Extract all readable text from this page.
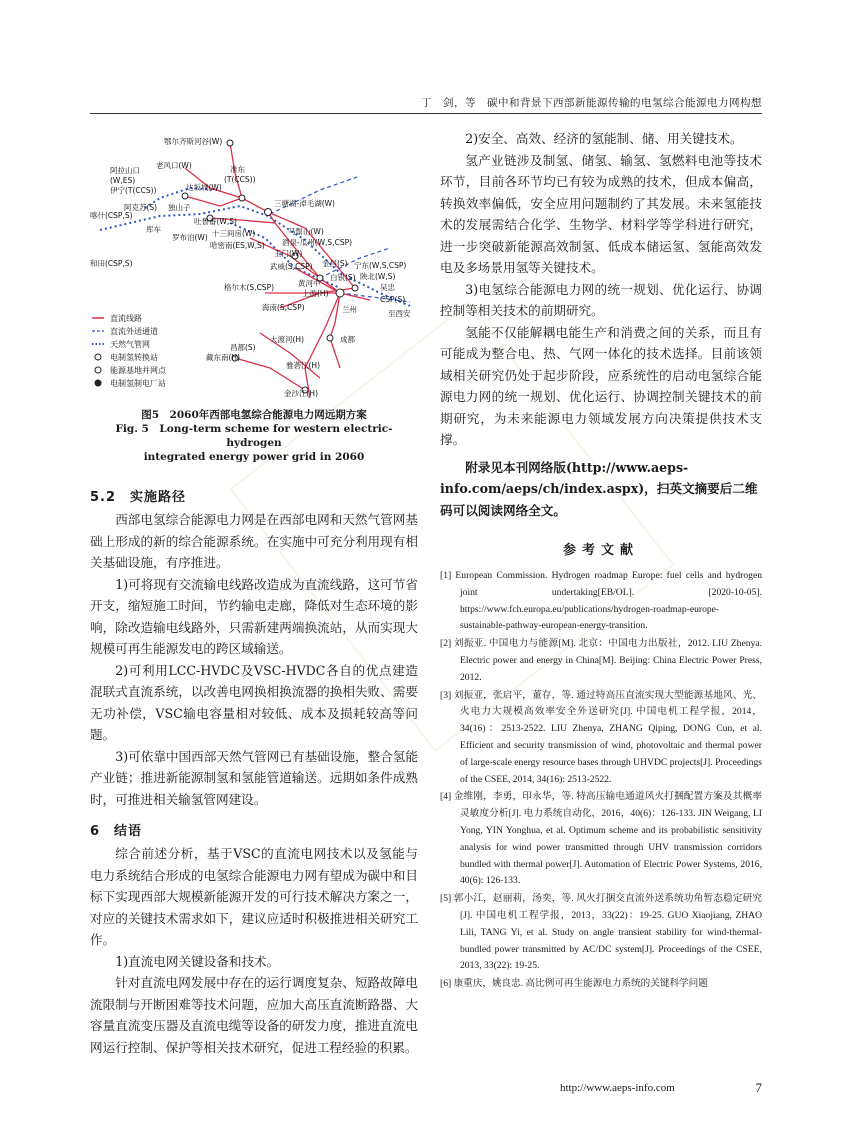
丁　剑，等　碳中和背景下西部新能源传输的电氢综合能源电力网构想
鄂尔齐斯河谷(W)
阿拉山口
(W,ES)
伊宁(T(CCS))
老风口(W)
达坂城(W)
准东
(T(CCS))
三塘湖-淖毛湖(W)
阿克苏(S) 独山子
吐鲁番(W,S)
喀什(CSP,S)
库车
罗布泊(W) 十三间房(W)
哈密南(ES,W,S)
马鬃山(W)
酒泉-瓜州(W,S,CSP)
玉门(W)
武威(S,CSP) 金昌(S)
和田(CSP,S)
格尔木(S,CSP)	黄河中
上游(H)
白银(S)
宁东(W,S,CSP)
陕北(W,S)
海南(S,CSP)	兰州
吴忠
CSP(S)
至西安
大渡河(H)
昌都(S)
成都
藏东南(H)
雅砻江(H)
金沙江(H)
直流线路
直流外送通道
天然气管网
电制氢转换站
能源基地并网点
电制氢制电厂站
图5　2060年西部电氢综合能源电力网远期方案
Fig. 5　Long-term scheme for western electric-hydrogen
integrated energy power grid in 2060
5.2　实施路径

西部电氢综合能源电力网是在西部电网和天然气管网基础上形成的新的综合能源系统。在实施中可充分利用现有相关基础设施，有序推进。

1)可将现有交流输电线路改造成为直流线路，这可节省开支，缩短施工时间，节约输电走廊，降低对生态环境的影响，除改造输电线路外，只需新建两端换流站，从而实现大规模可再生能源发电的跨区域输送。

2)可利用LCC-HVDC及VSC-HVDC各自的优点建造混联式直流系统，以改善电网换相换流器的换相失败、需要无功补偿，VSC输电容量相对较低、成本及损耗较高等问题。

3)可依靠中国西部天然气管网已有基础设施，整合氢能产业链；推进新能源制氢和氢能管道输送。远期如条件成熟时，可推进相关输氢管网建设。

6　结语

综合前述分析，基于VSC的直流电网技术以及氢能与电力系统结合形成的电氢综合能源电力网有望成为碳中和目标下实现西部大规模新能源开发的可行技术解决方案之一，对应的关键技术需求如下，建议应适时积极推进相关研究工作。

1)直流电网关键设备和技术。

针对直流电网发展中存在的运行调度复杂、短路故障电流限制与开断困难等技术问题，应加大高压直流断路器、大容量直流变压器及直流电缆等设备的研发力度，推进直流电网运行控制、保护等相关技术研究，促进工程经验的积累。

2)安全、高效、经济的氢能制、储、用关键技术。

氢产业链涉及制氢、储氢、输氢、氢燃料电池等技术环节，目前各环节均已有较为成熟的技术，但成本偏高，转换效率偏低，安全应用问题制约了其发展。未来氢能技术的发展需结合化学、生物学、材料学等学科进行研究，进一步突破新能源高效制氢、低成本储运氢、氢能高效发电及多场景用氢等关键技术。

3)电氢综合能源电力网的统一规划、优化运行、协调控制等相关技术的前期研究。

氢能不仅能解耦电能生产和消费之间的关系，而且有可能成为整合电、热、气网一体化的技术选择。目前该领域相关研究仍处于起步阶段，应系统性的启动电氢综合能源电力网的统一规划、优化运行、协调控制关键技术的前期研究，为未来能源电力领域发展方向决策提供技术支撑。

附录见本刊网络版(http://www.aeps-info.com/aeps/ch/index.aspx)，扫英文摘要后二维码可以阅读网络全文。

参考文献

[1] European Commission. Hydrogen roadmap Europe: fuel cells and hydrogen joint undertaking[EB/OL]. [2020-10-05]. https://www.fch.europa.eu/publications/hydrogen-roadmap-europe-sustainable-pathway-european-energy-transition.

[2] 刘振亚. 中国电力与能源[M]. 北京：中国电力出版社，2012. LIU Zhenya. Electric power and energy in China[M]. Beijing: China Electric Power Press, 2012.

[3] 刘振亚，张启平，董存，等. 通过特高压直流实现大型能源基地风、光、火电力大规模高效率安全外送研究[J]. 中国电机工程学报，2014，34(16)：2513-2522. LIU Zhenya, ZHANG Qiping, DONG Cun, et al. Efficient and security transmission of wind, photovoltaic and thermal power of large-scale energy resource bases through UHVDC projects[J]. Proceedings of the CSEE, 2014, 34(16): 2513-2522.

[4] 金维刚，李勇，印永华，等. 特高压输电通道风火打捆配置方案及其概率灵敏度分析[J]. 电力系统自动化，2016，40(6)：126-133. JIN Weigang, LI Yong, YIN Yonghua, et al. Optimum scheme and its probabilistic sensitivity analysis for wind power transmitted through UHV transmission corridors bundled with thermal power[J]. Automation of Electric Power Systems, 2016, 40(6): 126-133.

[5] 郭小江，赵丽莉，汤奕，等. 风火打捆交直流外送系统功角暂态稳定研究[J]. 中国电机工程学报，2013，33(22)：19-25. GUO Xiaojiang, ZHAO Lili, TANG Yi, et al. Study on angle transient stability for wind-thermal-bundled power transmitted by AC/DC system[J]. Proceedings of the CSEE, 2013, 33(22): 19-25.

[6] 康重庆，姚良忠. 高比例可再生能源电力系统的关键科学问题

http://www.aeps-info.com	7
